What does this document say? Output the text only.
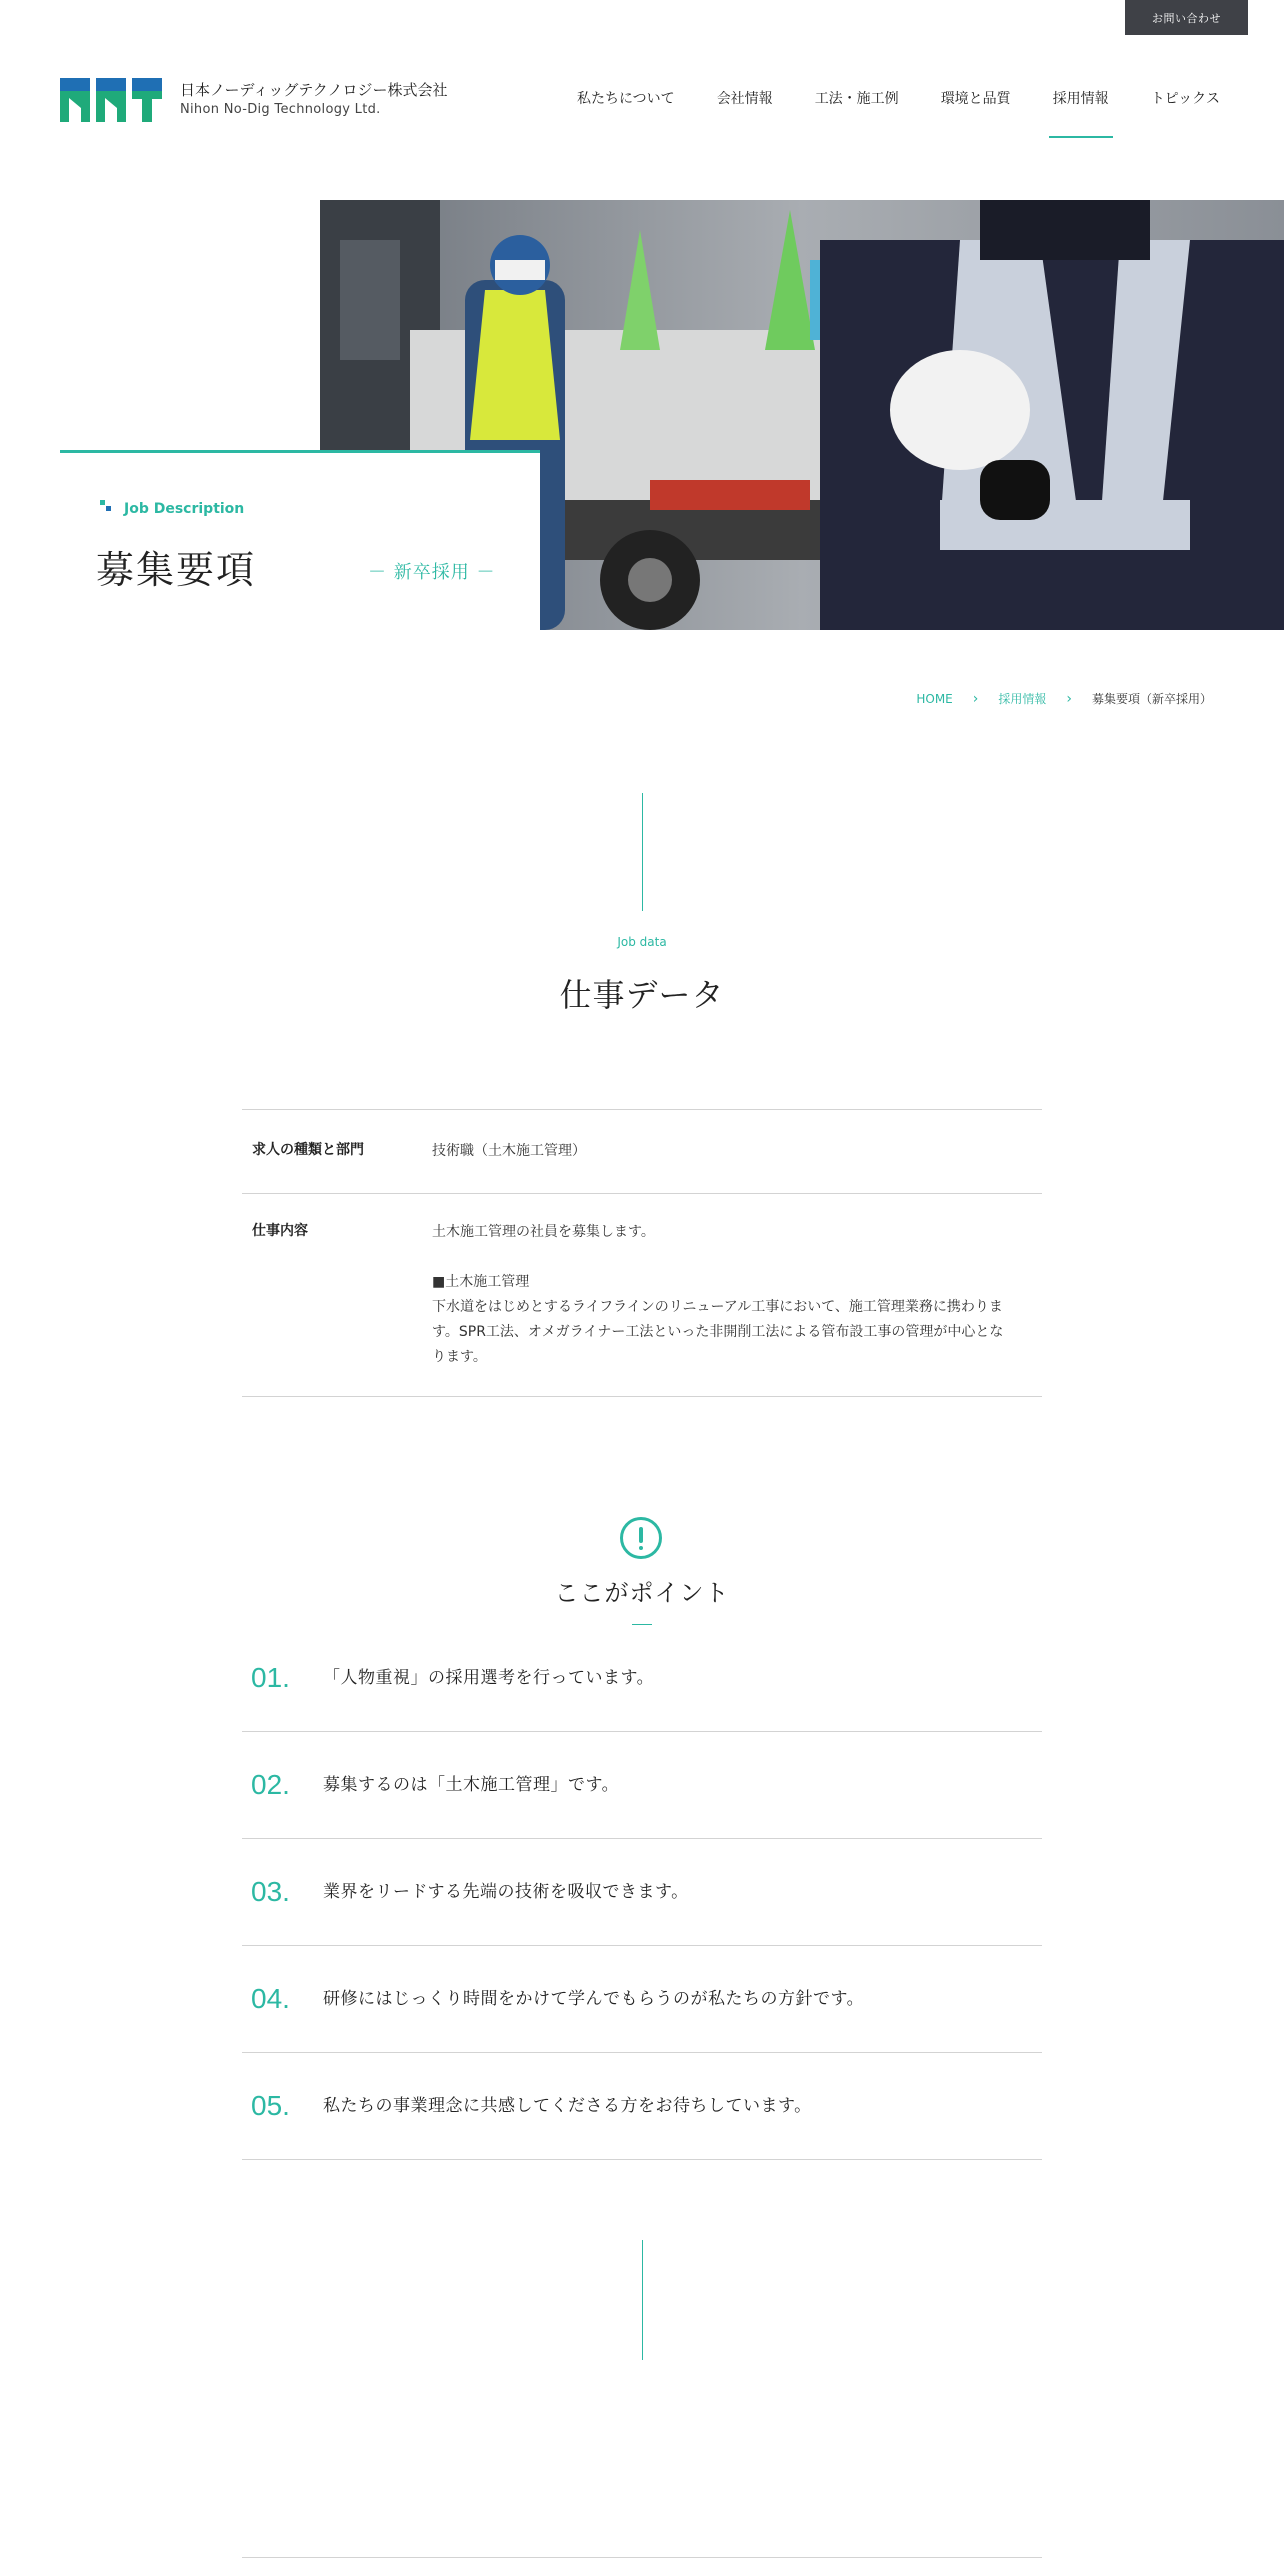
お問い合わせ
日本ノーディッグテクノロジー株式会社
Nihon No-Dig Technology Ltd.
私たちについて	会社情報	工法・施工例	環境と品質	採用情報	トピックス
Job Description
募集要項	－ 新卒採用 －
HOME › 採用情報 › 募集要項（新卒採用）
Job data
仕事データ
求人の種類と部門	技術職（土木施工管理）
仕事内容	土木施工管理の社員を募集します。

■土木施工管理

下水道をはじめとするライフラインのリニューアル工事において、施工管理業務に携わりま

す。SPR工法、オメガライナー工法といった非開削工法による管布設工事の管理が中心とな

ります。

ここがポイント
01.	「人物重視」の採用選考を行っています。
02.	募集するのは「土木施工管理」です。
03.	業界をリードする先端の技術を吸収できます。
04.	研修にはじっくり時間をかけて学んでもらうのが私たちの方針です。
05.	私たちの事業理念に共感してくださる方をお待ちしています。
